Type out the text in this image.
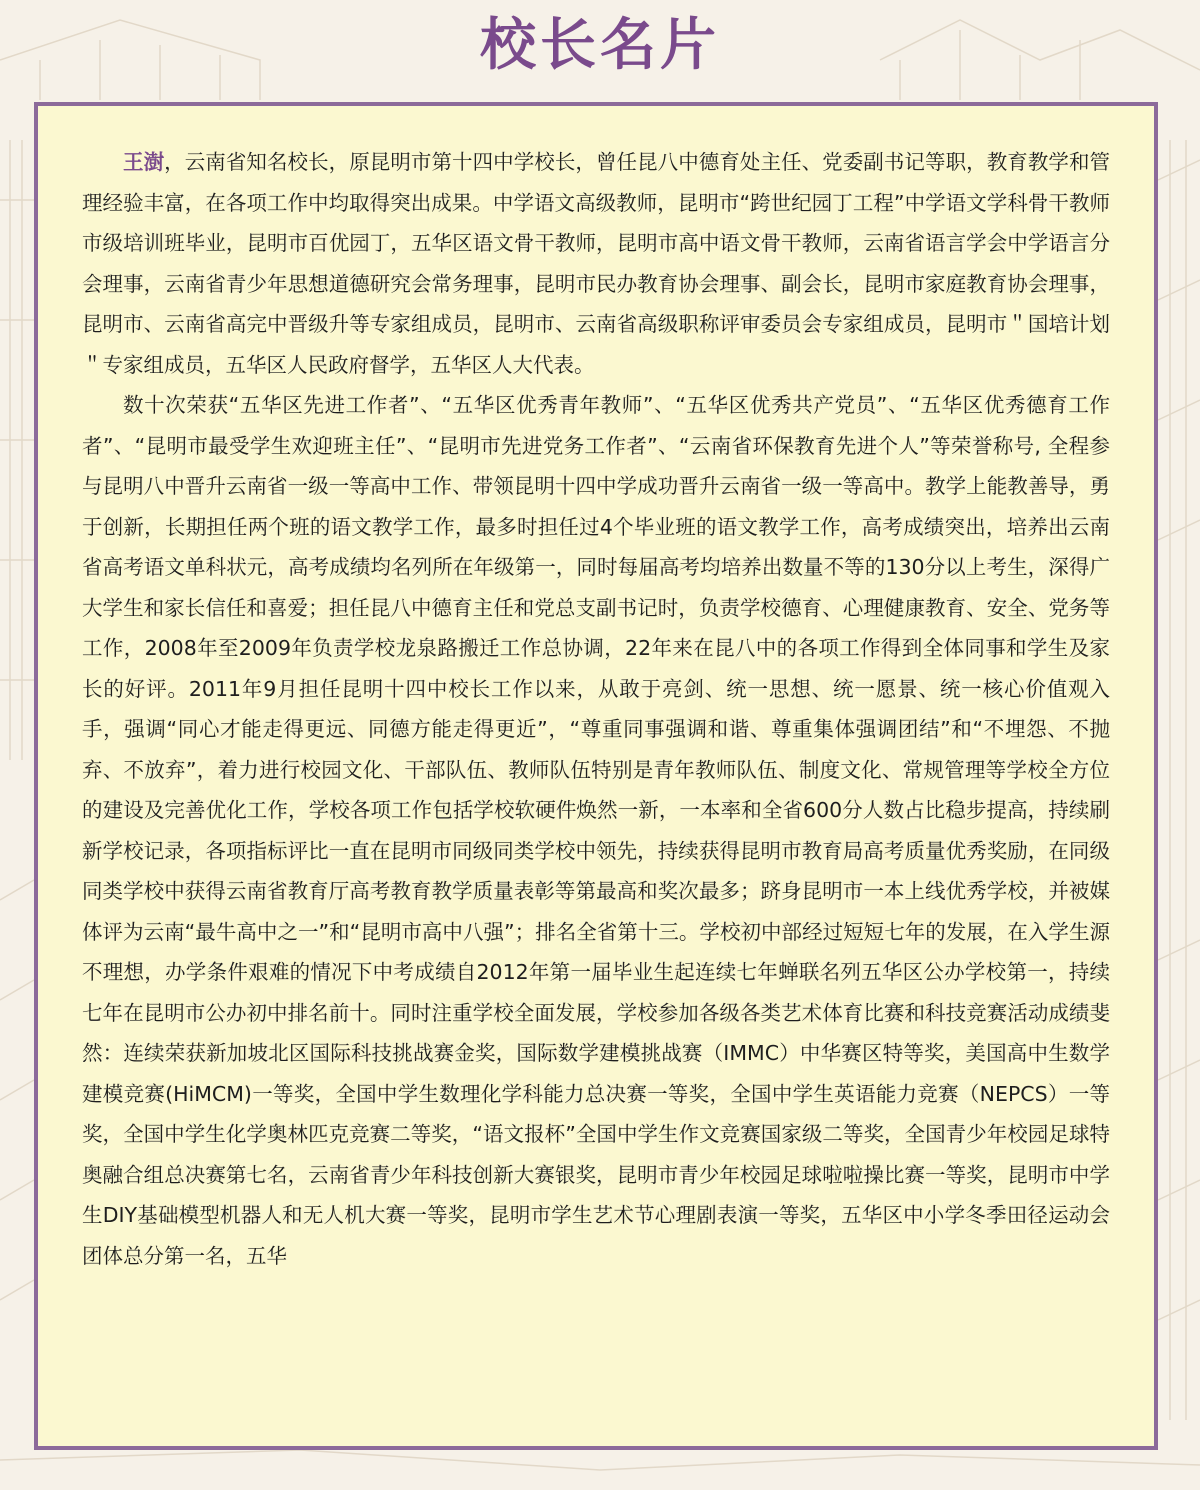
校长名片

王澍，云南省知名校长，原昆明市第十四中学校长，曾任昆八中德育处主任、党委副书记等职，教育教学和管理经验丰富，在各项工作中均取得突出成果。中学语文高级教师，昆明市“跨世纪园丁工程”中学语文学科骨干教师市级培训班毕业，昆明市百优园丁，五华区语文骨干教师，昆明市高中语文骨干教师，云南省语言学会中学语言分会理事，云南省青少年思想道德研究会常务理事，昆明市民办教育协会理事、副会长，昆明市家庭教育协会理事，昆明市、云南省高完中晋级升等专家组成员，昆明市、云南省高级职称评审委员会专家组成员，昆明市＂国培计划＂专家组成员，五华区人民政府督学，五华区人大代表。

数十次荣获“五华区先进工作者”、“五华区优秀青年教师”、“五华区优秀共产党员”、“五华区优秀德育工作者”、“昆明市最受学生欢迎班主任”、“昆明市先进党务工作者”、“云南省环保教育先进个人”等荣誉称号, 全程参与昆明八中晋升云南省一级一等高中工作、带领昆明十四中学成功晋升云南省一级一等高中。教学上能教善导，勇于创新，长期担任两个班的语文教学工作，最多时担任过4个毕业班的语文教学工作，高考成绩突出，培养出云南省高考语文单科状元，高考成绩均名列所在年级第一，同时每届高考均培养出数量不等的130分以上考生，深得广大学生和家长信任和喜爱；担任昆八中德育主任和党总支副书记时，负责学校德育、心理健康教育、安全、党务等工作，2008年至2009年负责学校龙泉路搬迁工作总协调，22年来在昆八中的各项工作得到全体同事和学生及家长的好评。2011年9月担任昆明十四中校长工作以来，从敢于亮剑、统一思想、统一愿景、统一核心价值观入手，强调“同心才能走得更远、同德方能走得更近”，“尊重同事强调和谐、尊重集体强调团结”和“不埋怨、不抛弃、不放弃”，着力进行校园文化、干部队伍、教师队伍特别是青年教师队伍、制度文化、常规管理等学校全方位的建设及完善优化工作，学校各项工作包括学校软硬件焕然一新，一本率和全省600分人数占比稳步提高，持续刷新学校记录，各项指标评比一直在昆明市同级同类学校中领先，持续获得昆明市教育局高考质量优秀奖励，在同级同类学校中获得云南省教育厅高考教育教学质量表彰等第最高和奖次最多；跻身昆明市一本上线优秀学校，并被媒体评为云南“最牛高中之一”和“昆明市高中八强”；排名全省第十三。学校初中部经过短短七年的发展，在入学生源不理想，办学条件艰难的情况下中考成绩自2012年第一届毕业生起连续七年蝉联名列五华区公办学校第一，持续七年在昆明市公办初中排名前十。同时注重学校全面发展，学校参加各级各类艺术体育比赛和科技竞赛活动成绩斐然：连续荣获新加坡北区国际科技挑战赛金奖，国际数学建模挑战赛（IMMC）中华赛区特等奖，美国高中生数学建模竞赛(HiMCM)一等奖，全国中学生数理化学科能力总决赛一等奖，全国中学生英语能力竞赛（NEPCS）一等奖，全国中学生化学奥林匹克竞赛二等奖，“语文报杯”全国中学生作文竞赛国家级二等奖，全国青少年校园足球特奥融合组总决赛第七名，云南省青少年科技创新大赛银奖，昆明市青少年校园足球啦啦操比赛一等奖，昆明市中学生DIY基础模型机器人和无人机大赛一等奖，昆明市学生艺术节心理剧表演一等奖，五华区中小学冬季田径运动会团体总分第一名，五华
